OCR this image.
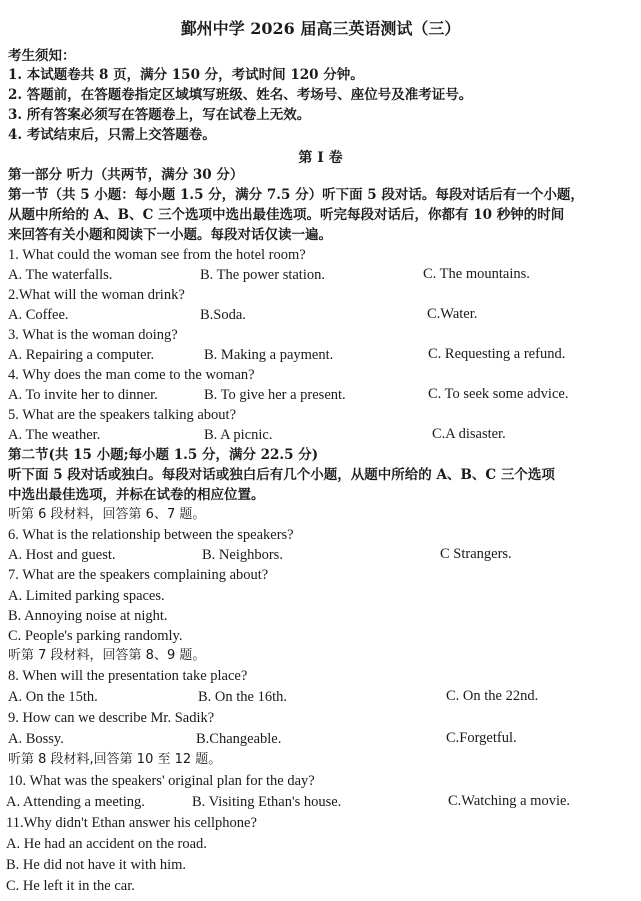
鄞州中学 2026 届高三英语测试（三）
考生须知：
1. 本试题卷共 8 页，满分 150 分，考试时间 120 分钟。
2. 答题前，在答题卷指定区域填写班级、姓名、考场号、座位号及准考证号。
3. 所有答案必须写在答题卷上，写在试卷上无效。
4. 考试结束后，只需上交答题卷。
第 I 卷
第一部分 听力（共两节，满分 30 分）
第一节（共 5 小题：每小题 1.5 分，满分 7.5 分）听下面 5 段对话。每段对话后有一个小题，
从题中所给的 A、B、C 三个选项中选出最佳选项。听完每段对话后，你都有 10 秒钟的时间
来回答有关小题和阅读下一小题。每段对话仅读一遍。
1. What could the woman see from the hotel room?
A. The waterfalls.	B. The power station.	C. The mountains.
2.What will the woman drink?
A. Coffee.	B.Soda.	C.Water.
3. What is the woman doing?
A. Repairing a computer.	B. Making a payment.	C. Requesting a refund.
4. Why does the man come to the woman?
A. To invite her to dinner.	B. To give her a present.	C. To seek some advice.
5. What are the speakers talking about?
A. The weather.	B. A picnic.	C.A disaster.
第二节(共 15 小题;每小题 1.5 分，满分 22.5 分)
听下面 5 段对话或独白。每段对话或独白后有几个小题，从题中所给的 A、B、C 三个选项
中选出最佳选项，并标在试卷的相应位置。
听第 6 段材料，回答第 6、7 题。
6. What is the relationship between the speakers?
A. Host and guest.	B. Neighbors.	C Strangers.
7. What are the speakers complaining about?
A. Limited parking spaces.
B. Annoying noise at night.
C. People's parking randomly.
听第 7 段材料，回答第 8、9 题。
8. When will the presentation take place?
A. On the 15th.	B. On the 16th.	C. On the 22nd.
9. How can we describe Mr. Sadik?
A. Bossy.	B.Changeable.	C.Forgetful.
听第 8 段材料,回答第 10 至 12 题。
10. What was the speakers' original plan for the day?
A. Attending a meeting.	B. Visiting Ethan's house.	C.Watching a movie.
11.Why didn't Ethan answer his cellphone?
A. He had an accident on the road.
B. He did not have it with him.
C. He left it in the car.
